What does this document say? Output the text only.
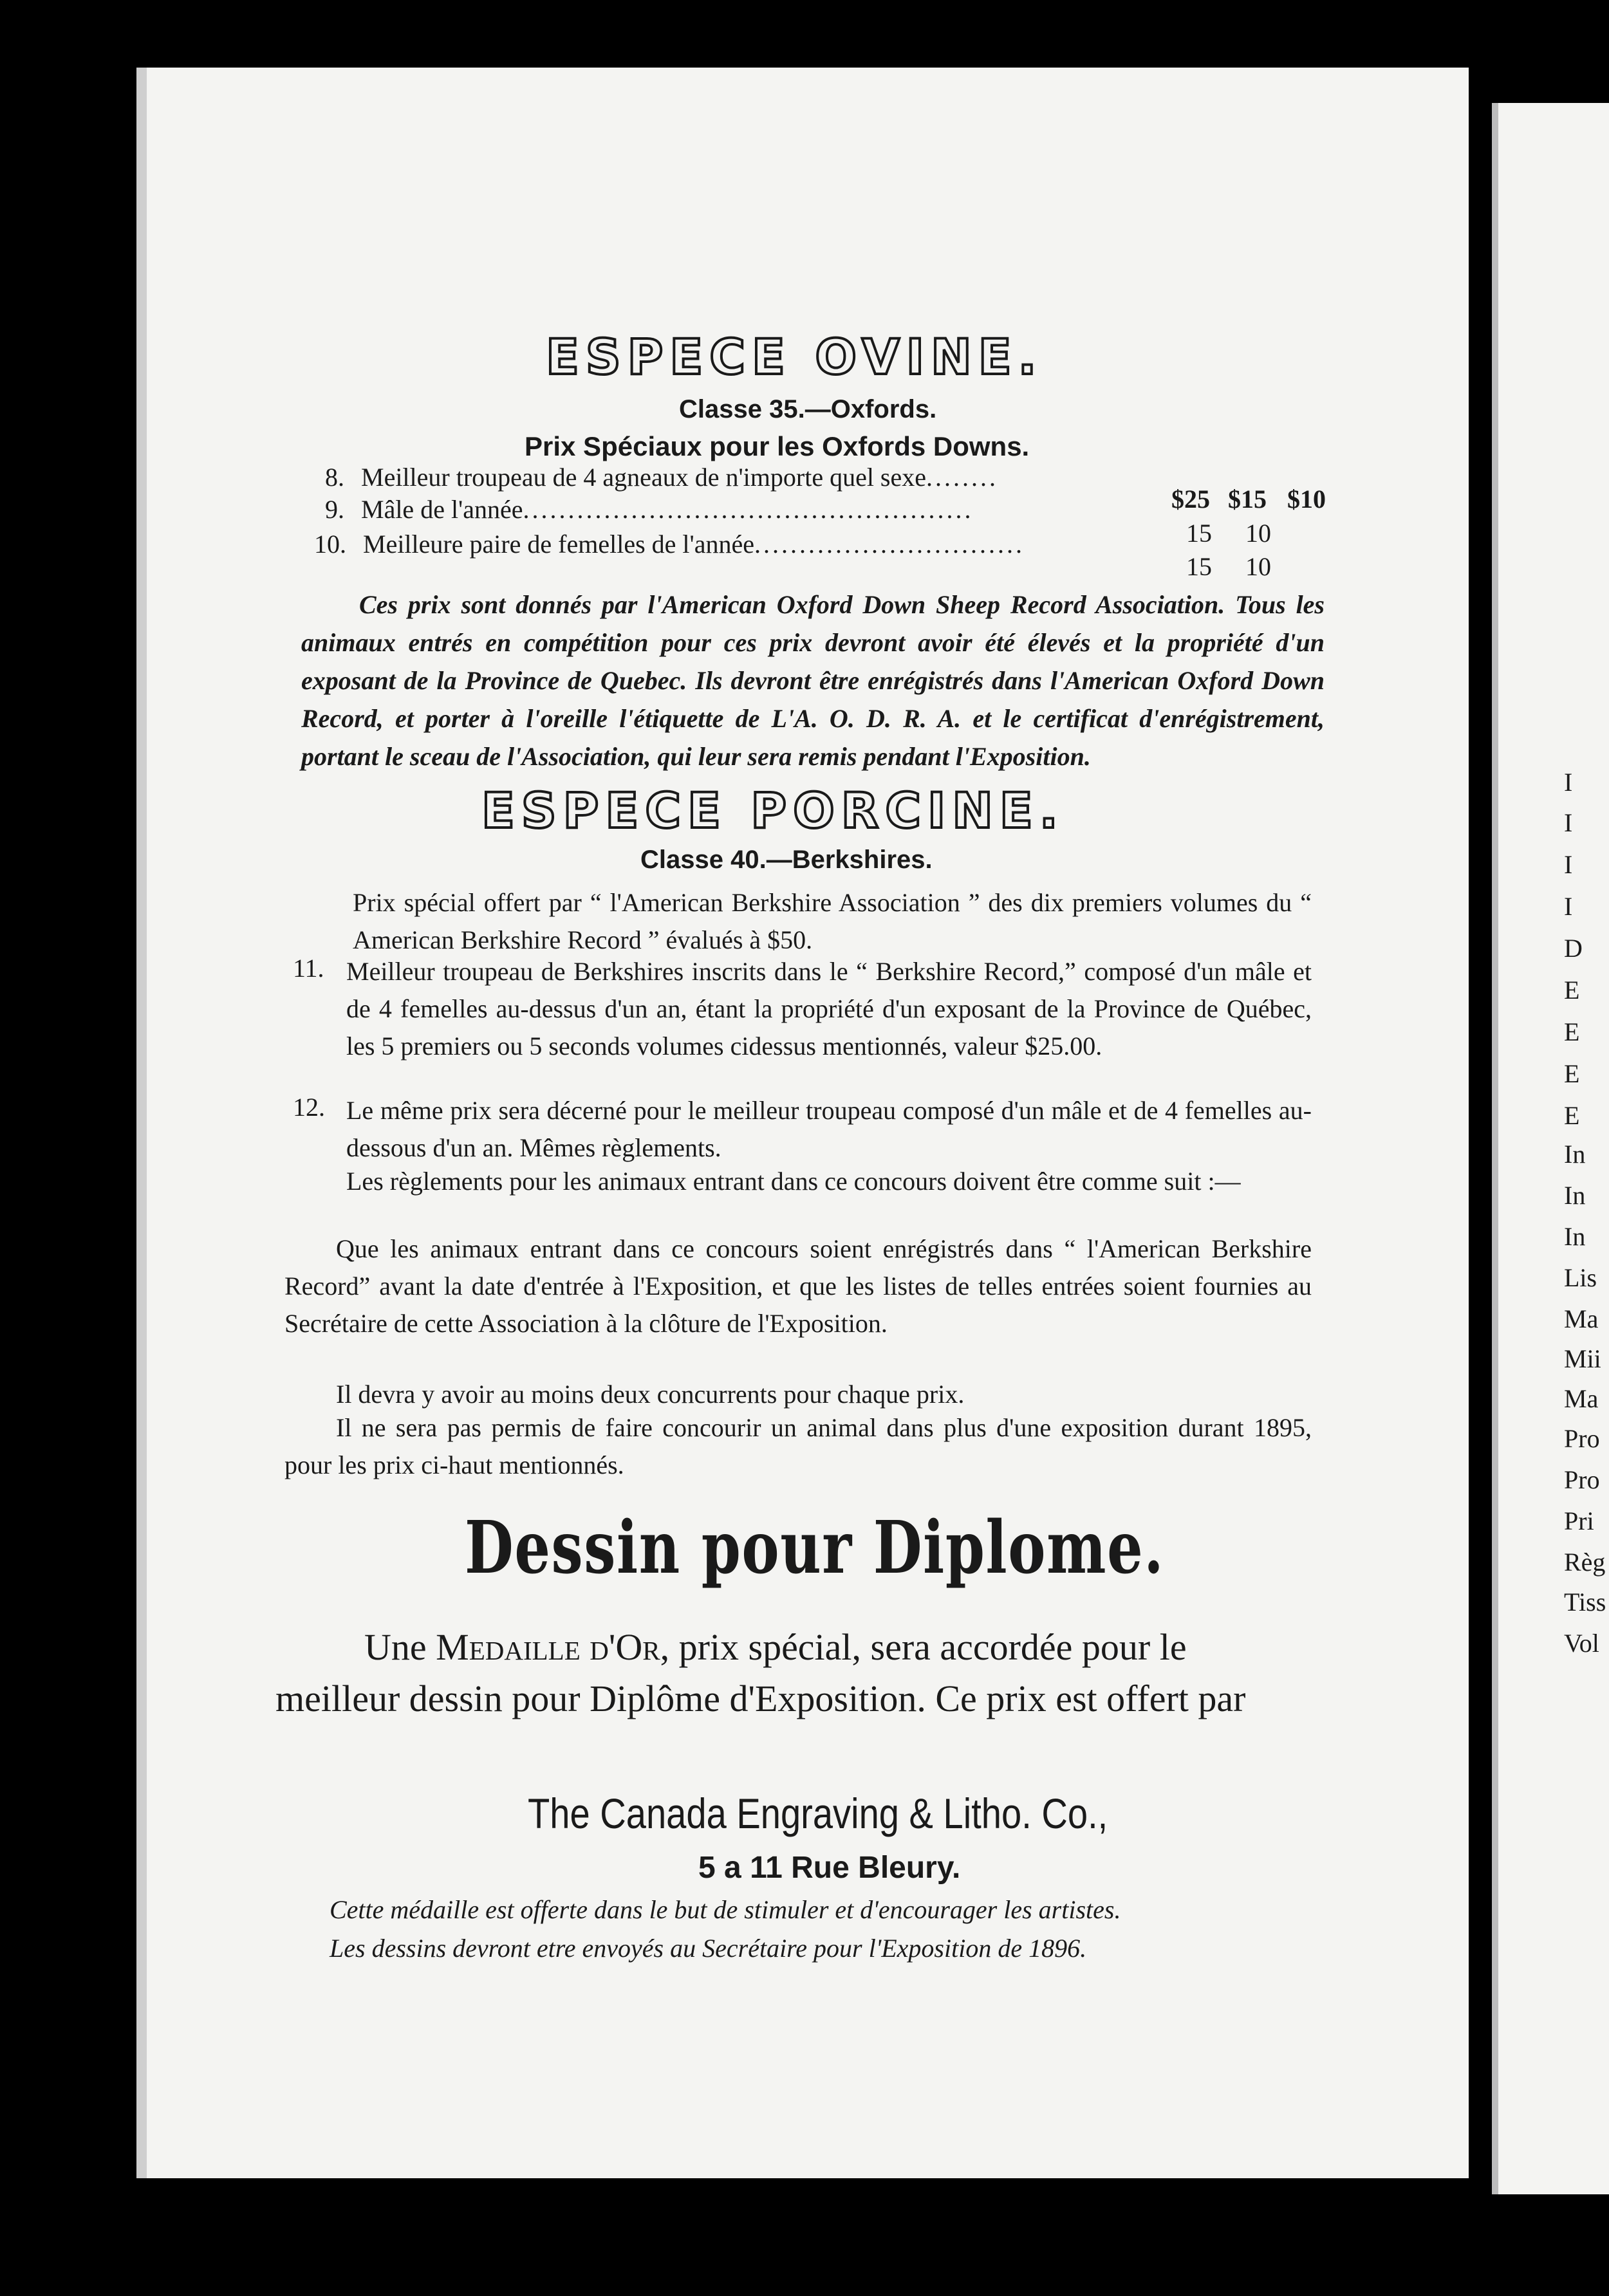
I
I
I
I
D
E
E
E
E
In
In
In
Lis
Ma
Mii
Ma
Pro
Pro
Pri
Règ
Tiss
Vol
ESPECE OVINE.
Classe 35.—Oxfords.
Prix Spéciaux pour les Oxfords Downs.
8. Meilleur troupeau de 4 agneaux de n'importe quel sexe........
$25 $15 $10
9. Mâle de l'année..................................................
15 10
10. Meilleure paire de femelles de l'année..............................
15 10

Ces prix sont donnés par l'American Oxford Down Sheep Record Association. Tous les animaux entrés en compétition pour ces prix devront avoir été élevés et la propriété d'un exposant de la Province de Quebec. Ils devront être enrégistrés dans l'American Oxford Down Record, et porter à l'oreille l'étiquette de L'A. O. D. R. A. et le certificat d'enrégistrement, portant le sceau de l'Association, qui leur sera remis pendant l'Exposition.

ESPECE PORCINE.
Classe 40.—Berkshires.

Prix spécial offert par “ l'American Berkshire Association ” des dix premiers volumes du “ American Berkshire Record ” évalués à $50.

11. Meilleur troupeau de Berkshires inscrits dans le “ Berkshire Record,” composé d'un mâle et de 4 femelles au-dessus d'un an, étant la propriété d'un exposant de la Province de Québec, les 5 premiers ou 5 seconds volumes cidessus mentionnés, valeur $25.00.

12. Le même prix sera décerné pour le meilleur troupeau composé d'un mâle et de 4 femelles au-dessous d'un an. Mêmes règlements.

Les règlements pour les animaux entrant dans ce concours doivent être comme suit :—

Que les animaux entrant dans ce concours soient enrégistrés dans “ l'American Berkshire Record” avant la date d'entrée à l'Exposition, et que les listes de telles entrées soient fournies au Secrétaire de cette Association à la clôture de l'Exposition.

Il devra y avoir au moins deux concurrents pour chaque prix.

Il ne sera pas permis de faire concourir un animal dans plus d'une exposition durant 1895, pour les prix ci-haut mentionnés.

Dessin pour Diplome.

Une Medaille d'Or, prix spécial, sera accordée pour le meilleur dessin pour Diplôme d'Exposition. Ce prix est offert par

The Canada Engraving & Litho. Co.,
5 a 11 Rue Bleury.
Cette médaille est offerte dans le but de stimuler et d'encourager les artistes.
Les dessins devront etre envoyés au Secrétaire pour l'Exposition de 1896.
